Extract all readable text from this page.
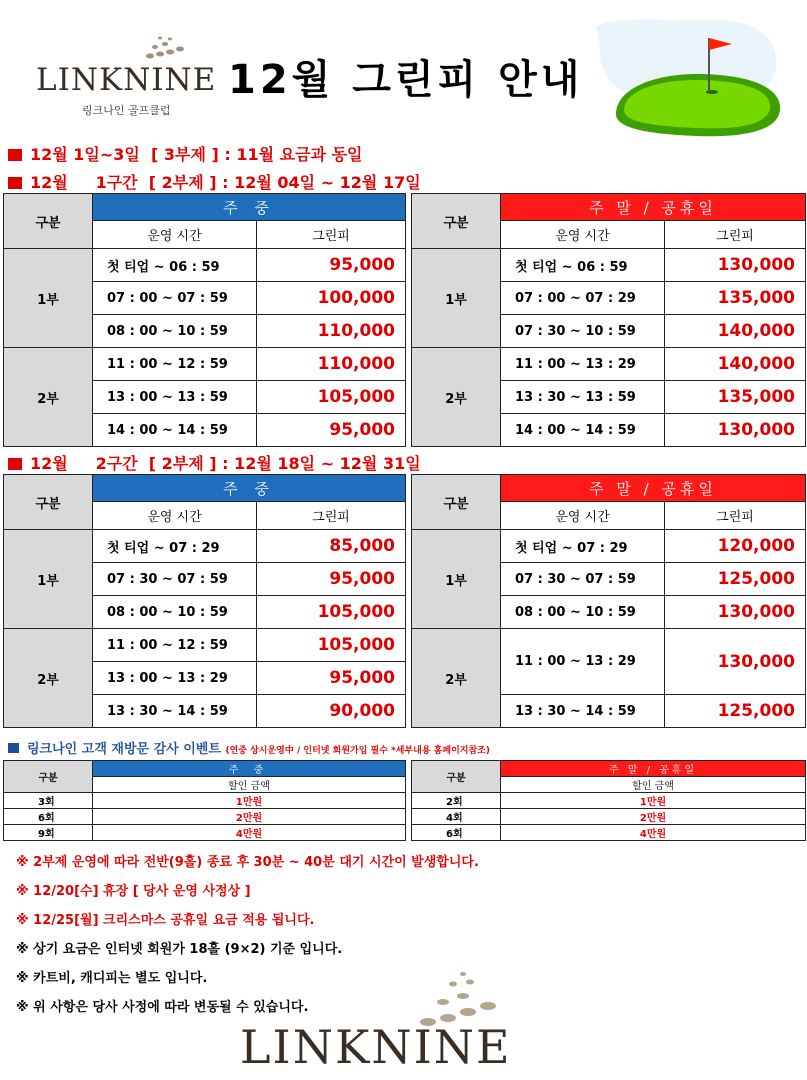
LINKNINE
링크나인 골프클럽
12월 그린피 안내
12월 1일~3일  [ 3부제 ] : 11월 요금과 동일
12월     1구간  [ 2부제 ] : 12월 04일 ~ 12월 17일
구분	주 중			구분	주 말 / 공휴일	
	운영 시간	그린피			운영 시간	그린피
1부	첫 티업 ~ 06 : 59	95,000		1부	첫 티업 ~ 06 : 59	130,000
	07 : 00 ~ 07 : 59	100,000			07 : 00 ~ 07 : 29	135,000
	08 : 00 ~ 10 : 59	110,000			07 : 30 ~ 10 : 59	140,000
2부	11 : 00 ~ 12 : 59	110,000		2부	11 : 00 ~ 13 : 29	140,000
	13 : 00 ~ 13 : 59	105,000			13 : 30 ~ 13 : 59	135,000
	14 : 00 ~ 14 : 59	95,000			14 : 00 ~ 14 : 59	130,000
12월     2구간  [ 2부제 ] : 12월 18일 ~ 12월 31일
구분	주 중			구분	주 말 / 공휴일	
	운영 시간	그린피			운영 시간	그린피
1부	첫 티업 ~ 07 : 29	85,000		1부	첫 티업 ~ 07 : 29	120,000
	07 : 30 ~ 07 : 59	95,000			07 : 30 ~ 07 : 59	125,000
	08 : 00 ~ 10 : 59	105,000			08 : 00 ~ 10 : 59	130,000
2부	11 : 00 ~ 12 : 59	105,000		2부	11 : 00 ~ 13 : 29	130,000
	13 : 00 ~ 13 : 29	95,000				
	13 : 30 ~ 14 : 59	90,000			13 : 30 ~ 14 : 59	125,000
링크나인 고객 재방문 감사 이벤트 (연중 상시운영中 / 인터넷 회원가입 필수 *세부내용 홈페이지참조)
구분	주 중		구분	주 말 / 공휴일
	할인 금액			할인 금액
3회	1만원		2회	1만원
6회	2만원		4회	2만원
9회	4만원		6회	4만원
※ 2부제 운영에 따라 전반(9홀) 종료 후 30분 ~ 40분 대기 시간이 발생합니다.
※ 12/20[수] 휴장 [ 당사 운영 사정상 ]
※ 12/25[월] 크리스마스 공휴일 요금 적용 됩니다.
※ 상기 요금은 인터넷 회원가 18홀 (9×2) 기준 입니다.
※ 카트비, 캐디피는 별도 입니다.
※ 위 사항은 당사 사정에 따라 변동될 수 있습니다.
LINKNINE
